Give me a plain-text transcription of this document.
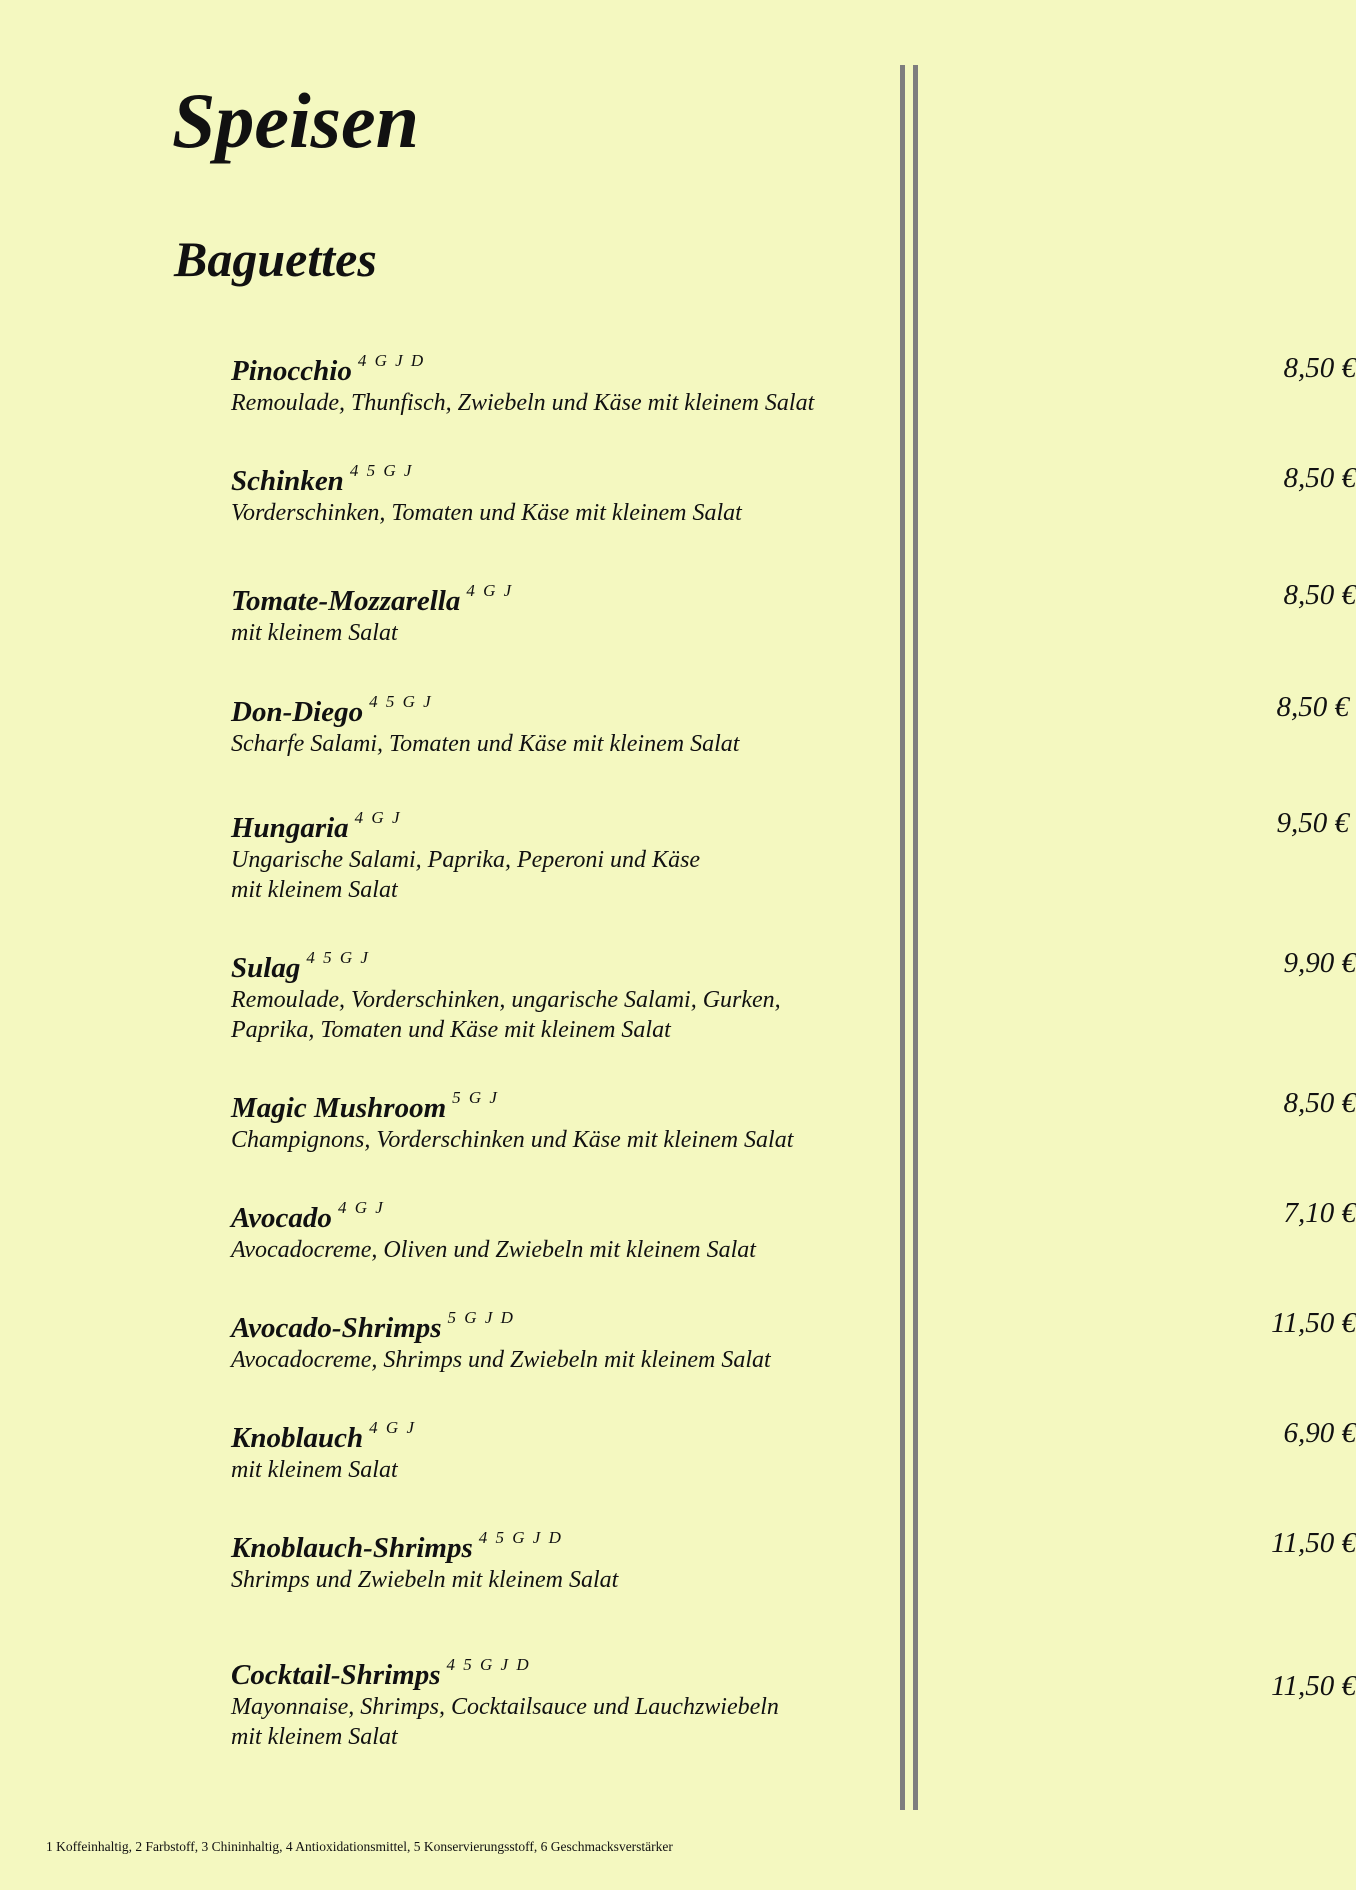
Speisen
Baguettes
Pinocchio 4 G J D
Remoulade, Thunfisch, Zwiebeln und Käse mit kleinem Salat
8,50 €
Schinken 4 5 G J
Vorderschinken, Tomaten und Käse mit kleinem Salat
8,50 €
Tomate-Mozzarella 4 G J
mit kleinem Salat
8,50 €
Don-Diego 4 5 G J
Scharfe Salami, Tomaten und Käse mit kleinem Salat
8,50 €
Hungaria 4 G J
Ungarische Salami, Paprika, Peperoni und Käse
mit kleinem Salat
9,50 €
Sulag 4 5 G J
Remoulade, Vorderschinken, ungarische Salami, Gurken,
Paprika, Tomaten und Käse mit kleinem Salat
9,90 €
Magic Mushroom 5 G J
Champignons, Vorderschinken und Käse mit kleinem Salat
8,50 €
Avocado 4 G J
Avocadocreme, Oliven und Zwiebeln mit kleinem Salat
7,10 €
Avocado-Shrimps 5 G J D
Avocadocreme, Shrimps und Zwiebeln mit kleinem Salat
11,50 €
Knoblauch 4 G J
mit kleinem Salat
6,90 €
Knoblauch-Shrimps 4 5 G J D
Shrimps und Zwiebeln mit kleinem Salat
11,50 €
Cocktail-Shrimps 4 5 G J D
Mayonnaise, Shrimps, Cocktailsauce und Lauchzwiebeln
mit kleinem Salat
11,50 €

1 Koffeinhaltig, 2 Farbstoff, 3 Chininhaltig, 4 Antioxidationsmittel, 5 Konservierungsstoff, 6 Geschmacksverstärker
